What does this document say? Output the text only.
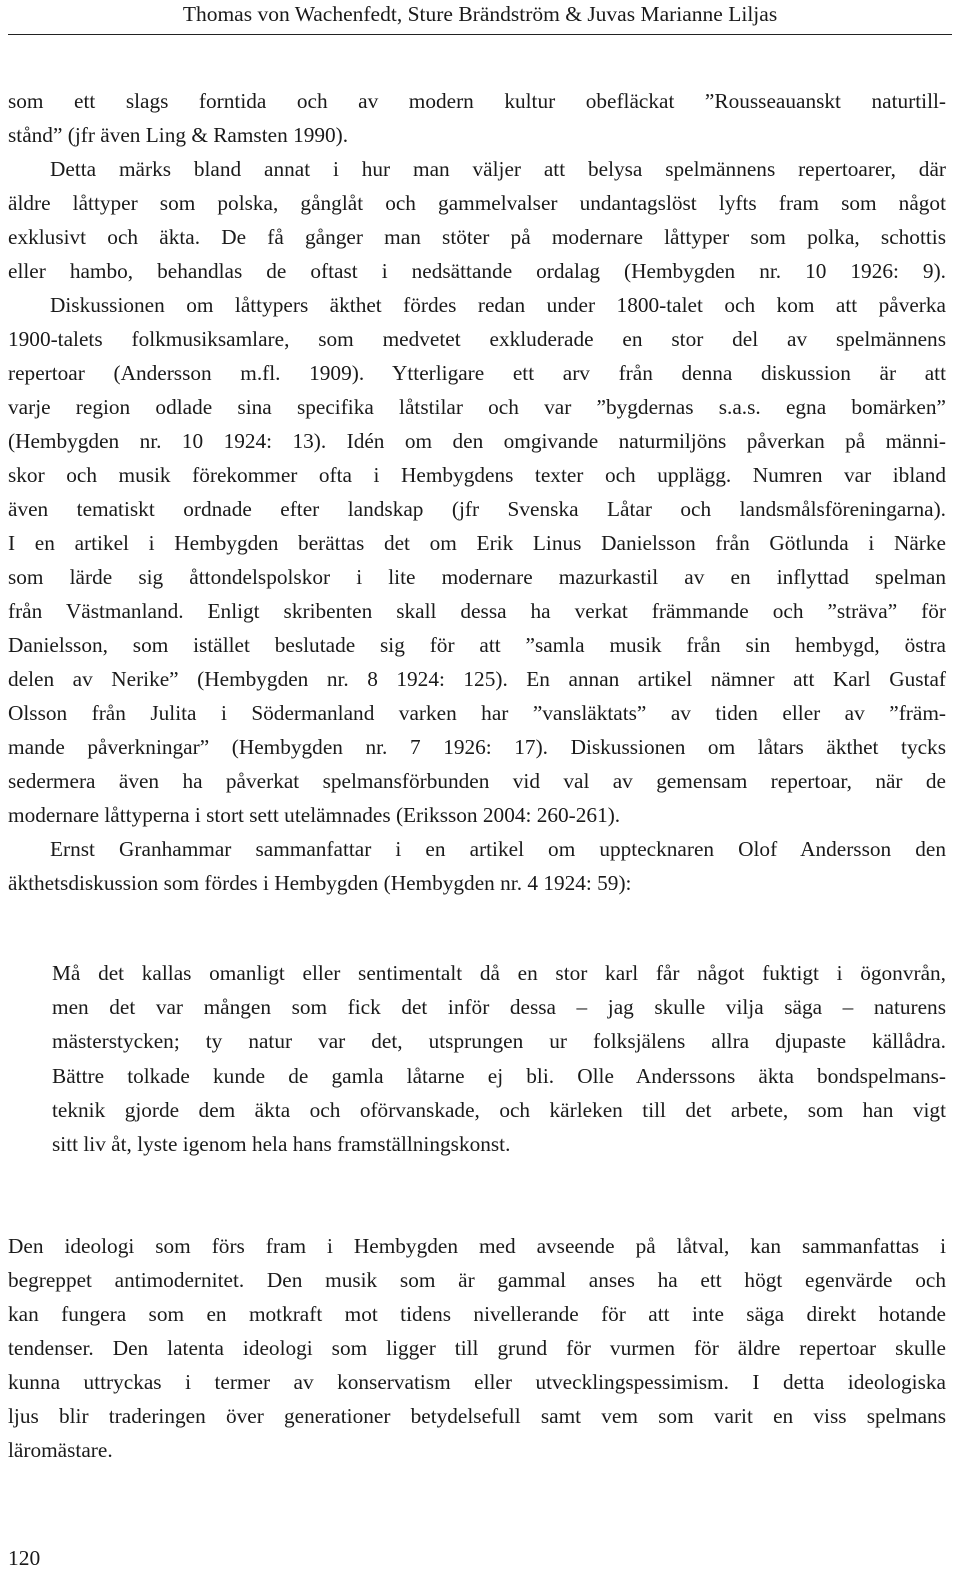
Thomas von Wachenfedt, Sture Brändström & Juvas Marianne Liljas
som ett slags forntida och av modern kultur obefläckat ”Rousseauanskt naturtill-
stånd” (jfr även Ling & Ramsten 1990).
Detta märks bland annat i hur man väljer att belysa spelmännens repertoarer, där
äldre låttyper som polska, gånglåt och gammelvalser undantagslöst lyfts fram som något
exklusivt och äkta. De få gånger man stöter på modernare låttyper som polka, schottis
eller hambo, behandlas de oftast i nedsättande ordalag (Hembygden nr. 10 1926: 9).
Diskussionen om låttypers äkthet fördes redan under 1800-talet och kom att påverka
1900-talets folkmusiksamlare, som medvetet exkluderade en stor del av spelmännens
repertoar (Andersson m.fl. 1909). Ytterligare ett arv från denna diskussion är att
varje region odlade sina specifika låtstilar och var ”bygdernas s.a.s. egna bomärken”
(Hembygden nr. 10 1924: 13). Idén om den omgivande naturmiljöns påverkan på männi-
skor och musik förekommer ofta i Hembygdens texter och upplägg. Numren var ibland
även tematiskt ordnade efter landskap (jfr Svenska Låtar och landsmålsföreningarna).
I en artikel i Hembygden berättas det om Erik Linus Danielsson från Götlunda i Närke
som lärde sig åttondelspolskor i lite modernare mazurkastil av en inflyttad spelman
från Västmanland. Enligt skribenten skall dessa ha verkat främmande och ”sträva” för
Danielsson, som istället beslutade sig för att ”samla musik från sin hembygd, östra
delen av Nerike” (Hembygden nr. 8 1924: 125). En annan artikel nämner att Karl Gustaf
Olsson från Julita i Södermanland varken har ”vansläktats” av tiden eller av ”främ-
mande påverkningar” (Hembygden nr. 7 1926: 17). Diskussionen om låtars äkthet tycks
sedermera även ha påverkat spelmansförbunden vid val av gemensam repertoar, när de
modernare låttyperna i stort sett utelämnades (Eriksson 2004: 260-261).
Ernst Granhammar sammanfattar i en artikel om upptecknaren Olof Andersson den
äkthetsdiskussion som fördes i Hembygden (Hembygden nr. 4 1924: 59):
Må det kallas omanligt eller sentimentalt då en stor karl får något fuktigt i ögonvrån,
men det var mången som fick det inför dessa – jag skulle vilja säga – naturens
mästerstycken; ty natur var det, utsprungen ur folksjälens allra djupaste källådra.
Bättre tolkade kunde de gamla låtarne ej bli. Olle Anderssons äkta bondspelmans-
teknik gjorde dem äkta och oförvanskade, och kärleken till det arbete, som han vigt
sitt liv åt, lyste igenom hela hans framställningskonst.
Den ideologi som förs fram i Hembygden med avseende på låtval, kan sammanfattas i
begreppet antimodernitet. Den musik som är gammal anses ha ett högt egenvärde och
kan fungera som en motkraft mot tidens nivellerande för att inte säga direkt hotande
tendenser. Den latenta ideologi som ligger till grund för vurmen för äldre repertoar skulle
kunna uttryckas i termer av konservatism eller utvecklingspessimism. I detta ideologiska
ljus blir traderingen över generationer betydelsefull samt vem som varit en viss spelmans
läromästare.
120
